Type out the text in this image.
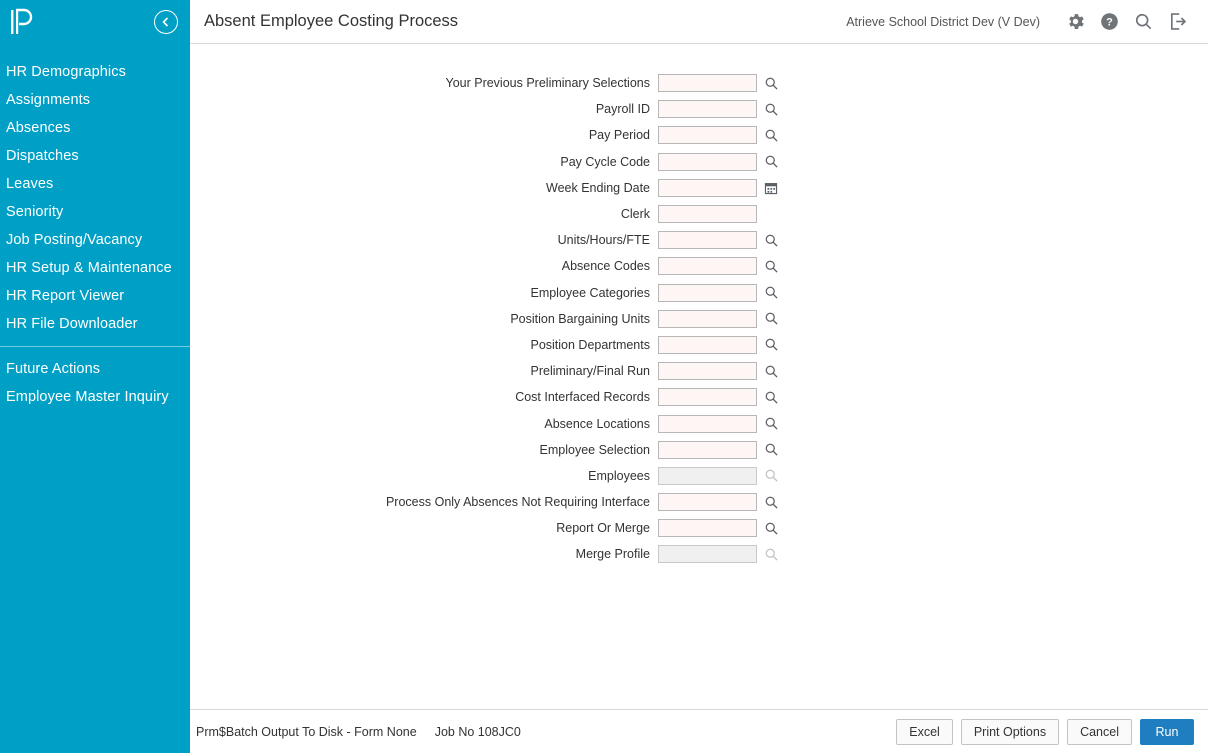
HR Demographics
Assignments
Absences
Dispatches
Leaves
Seniority
Job Posting/Vacancy
HR Setup & Maintenance
HR Report Viewer
HR File Downloader
Future Actions
Employee Master Inquiry
Absent Employee Costing Process	Atrieve School District Dev (V Dev)	?
Your Previous Preliminary Selections
Payroll ID
Pay Period
Pay Cycle Code
Week Ending Date
Clerk
Units/Hours/FTE
Absence Codes
Employee Categories
Position Bargaining Units
Position Departments
Preliminary/Final Run
Cost Interfaced Records
Absence Locations
Employee Selection
Employees
Process Only Absences Not Requiring Interface
Report Or Merge
Merge Profile
Prm$Batch Output To Disk - Form None Job No 108JC0	Excel	Print Options	Cancel	Run
